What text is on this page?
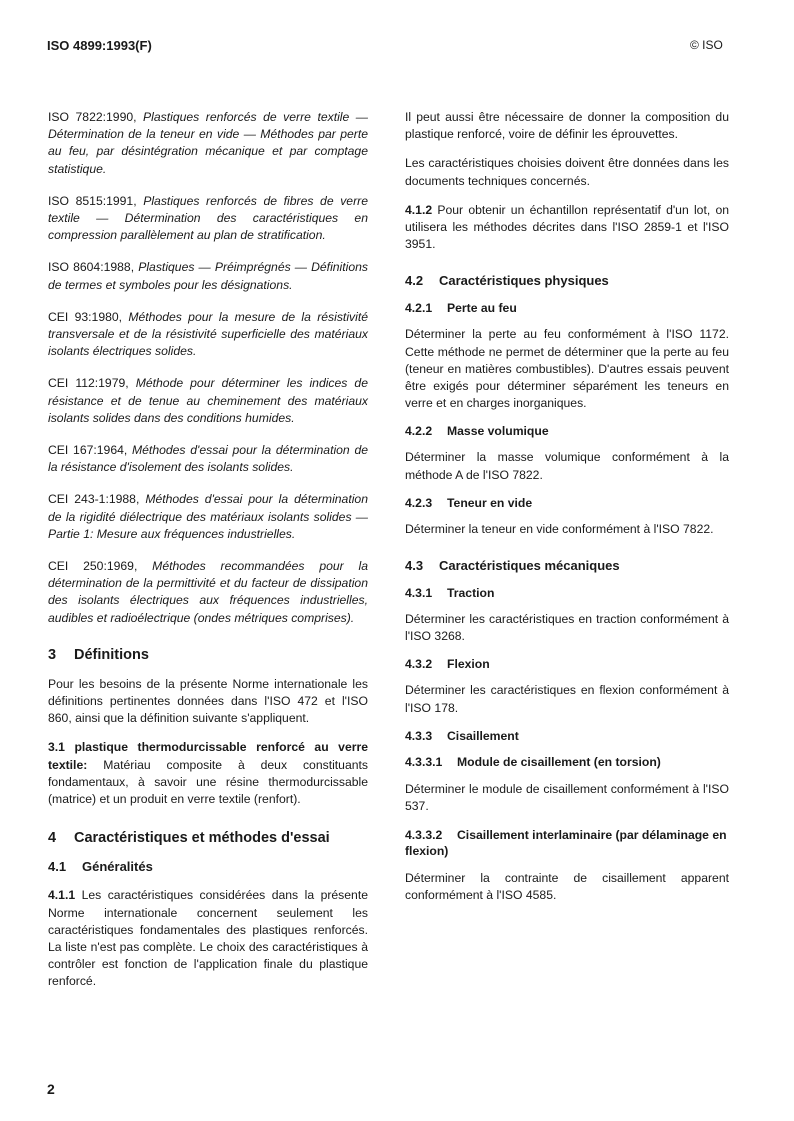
ISO 4899:1993(F)	© ISO

ISO 7822:1990, Plastiques renforcés de verre textile — Détermination de la teneur en vide — Méthodes par perte au feu, par désintégration mécanique et par comptage statistique.

ISO 8515:1991, Plastiques renforcés de fibres de verre textile — Détermination des caractéristiques en compression parallèlement au plan de stratification.

ISO 8604:1988, Plastiques — Préimprégnés — Définitions de termes et symboles pour les désignations.

CEI 93:1980, Méthodes pour la mesure de la résistivité transversale et de la résistivité superficielle des matériaux isolants électriques solides.

CEI 112:1979, Méthode pour déterminer les indices de résistance et de tenue au cheminement des matériaux isolants solides dans des conditions humides.

CEI 167:1964, Méthodes d'essai pour la détermination de la résistance d'isolement des isolants solides.

CEI 243-1:1988, Méthodes d'essai pour la détermination de la rigidité diélectrique des matériaux isolants solides — Partie 1: Mesure aux fréquences industrielles.

CEI 250:1969, Méthodes recommandées pour la détermination de la permittivité et du facteur de dissipation des isolants électriques aux fréquences industrielles, audibles et radioélectrique (ondes métriques comprises).

3 Définitions

Pour les besoins de la présente Norme internationale les définitions pertinentes données dans l'ISO 472 et l'ISO 860, ainsi que la définition suivante s'appliquent.

3.1 plastique thermodurcissable renforcé au verre textile: Matériau composite à deux constituants fondamentaux, à savoir une résine thermodurcissable (matrice) et un produit en verre textile (renfort).

4 Caractéristiques et méthodes d'essai
4.1 Généralités

4.1.1 Les caractéristiques considérées dans la présente Norme internationale concernent seulement les caractéristiques fondamentales des plastiques renforcés. La liste n'est pas complète. Le choix des caractéristiques à contrôler est fonction de l'application finale du plastique renforcé.

Il peut aussi être nécessaire de donner la composition du plastique renforcé, voire de définir les éprouvettes.

Les caractéristiques choisies doivent être données dans les documents techniques concernés.

4.1.2 Pour obtenir un échantillon représentatif d'un lot, on utilisera les méthodes décrites dans l'ISO 2859-1 et l'ISO 3951.

4.2 Caractéristiques physiques
4.2.1 Perte au feu

Déterminer la perte au feu conformément à l'ISO 1172. Cette méthode ne permet de déterminer que la perte au feu (teneur en matières combustibles). D'autres essais peuvent être exigés pour déterminer séparément les teneurs en verre et en charges inorganiques.

4.2.2 Masse volumique

Déterminer la masse volumique conformément à la méthode A de l'ISO 7822.

4.2.3 Teneur en vide

Déterminer la teneur en vide conformément à l'ISO 7822.

4.3 Caractéristiques mécaniques
4.3.1 Traction

Déterminer les caractéristiques en traction conformément à l'ISO 3268.

4.3.2 Flexion

Déterminer les caractéristiques en flexion conformément à l'ISO 178.

4.3.3 Cisaillement
4.3.3.1 Module de cisaillement (en torsion)

Déterminer le module de cisaillement conformément à l'ISO 537.

4.3.3.2 Cisaillement interlaminaire (par délaminage en flexion)

Déterminer la contrainte de cisaillement apparent conformément à l'ISO 4585.

2
